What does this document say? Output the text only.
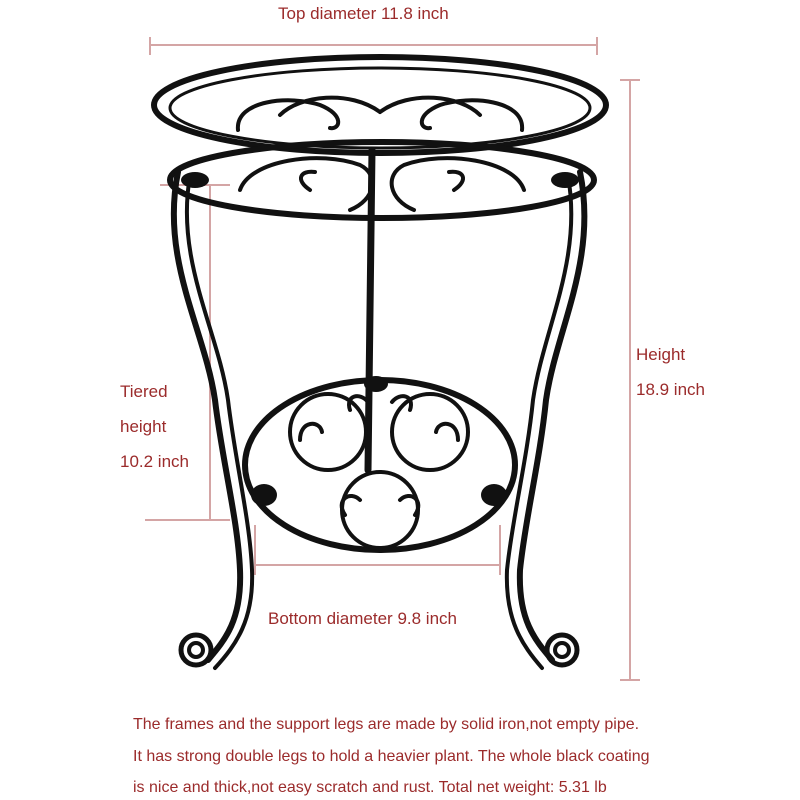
Top diameter 11.8 inch
Height
18.9 inch
Tiered
height
10.2 inch
Bottom diameter 9.8 inch
The frames and the support legs are made by solid iron,not empty pipe.
It has strong double legs to hold a heavier plant. The whole black coating
is nice and thick,not easy scratch and rust. Total net weight: 5.31 lb
